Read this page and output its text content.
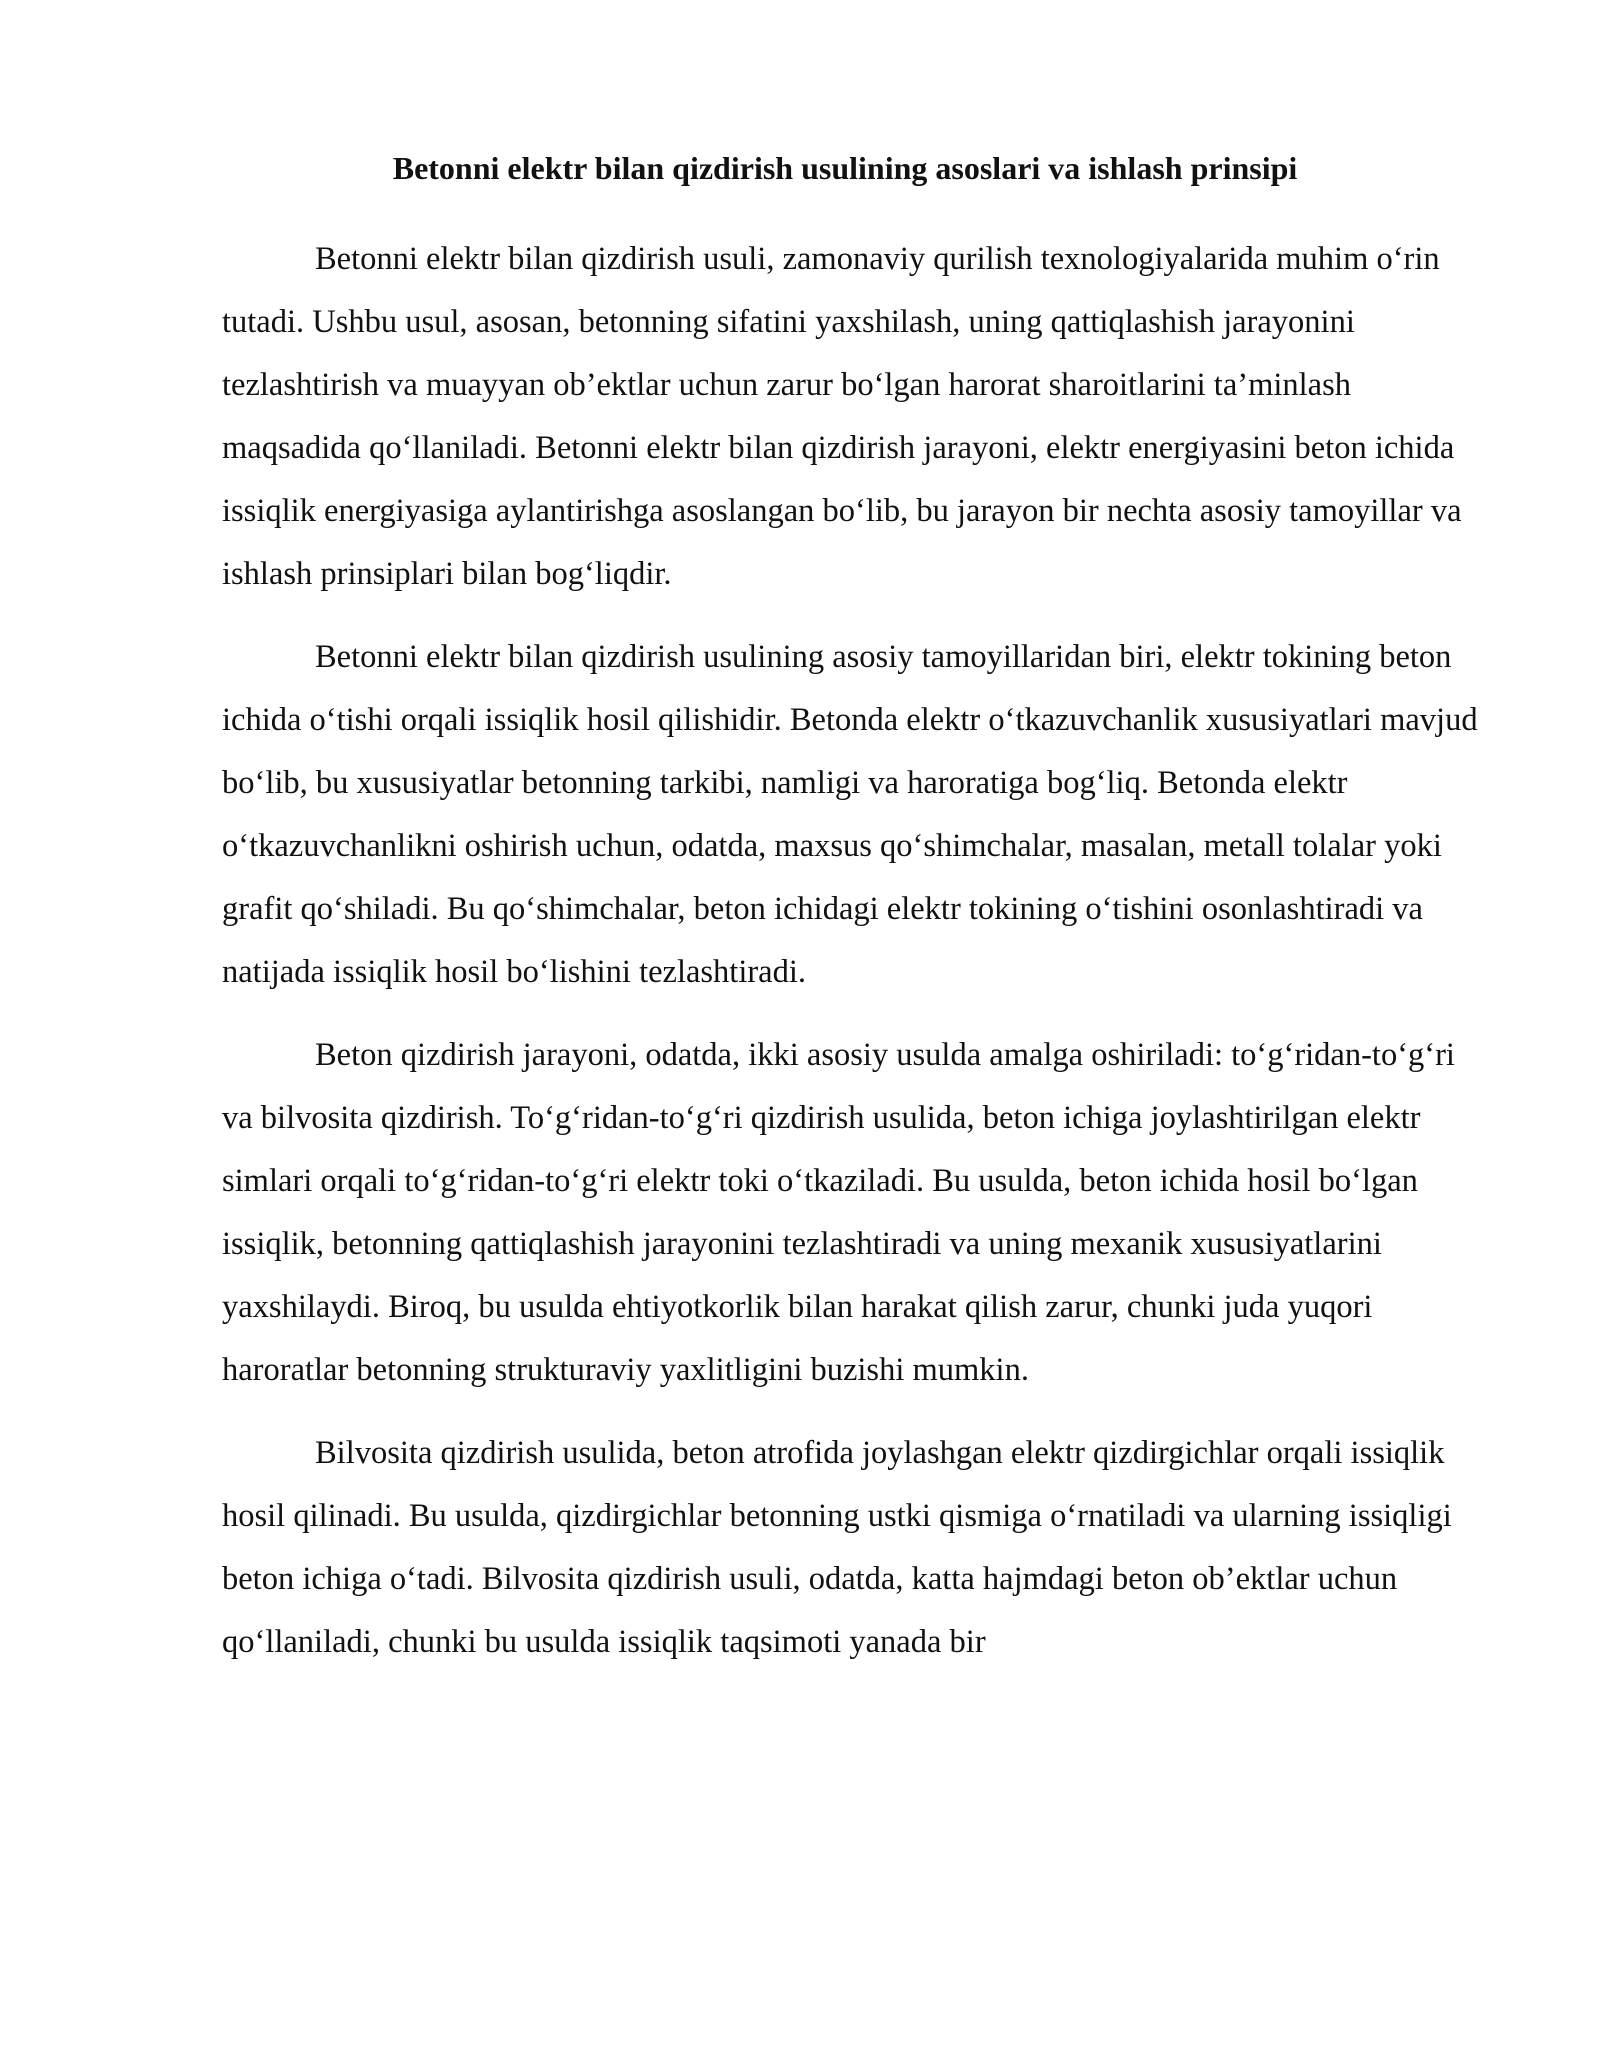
Betonni elektr bilan qizdirish usulining asoslari va ishlash prinsipi

Betonni elektr bilan qizdirish usuli, zamonaviy qurilish texnologiyalarida muhim o‘rin tutadi. Ushbu usul, asosan, betonning sifatini yaxshilash, uning qattiqlashish jarayonini tezlashtirish va muayyan ob’ektlar uchun zarur bo‘lgan harorat sharoitlarini ta’minlash maqsadida qo‘llaniladi. Betonni elektr bilan qizdirish jarayoni, elektr energiyasini beton ichida issiqlik energiyasiga aylantirishga asoslangan bo‘lib, bu jarayon bir nechta asosiy tamoyillar va ishlash prinsiplari bilan bog‘liqdir.

Betonni elektr bilan qizdirish usulining asosiy tamoyillaridan biri, elektr tokining beton ichida o‘tishi orqali issiqlik hosil qilishidir. Betonda elektr o‘tkazuvchanlik xususiyatlari mavjud bo‘lib, bu xususiyatlar betonning tarkibi, namligi va haroratiga bog‘liq. Betonda elektr o‘tkazuvchanlikni oshirish uchun, odatda, maxsus qo‘shimchalar, masalan, metall tolalar yoki grafit qo‘shiladi. Bu qo‘shimchalar, beton ichidagi elektr tokining o‘tishini osonlashtiradi va natijada issiqlik hosil bo‘lishini tezlashtiradi.

Beton qizdirish jarayoni, odatda, ikki asosiy usulda amalga oshiriladi: to‘g‘ridan-to‘g‘ri va bilvosita qizdirish. To‘g‘ridan-to‘g‘ri qizdirish usulida, beton ichiga joylashtirilgan elektr simlari orqali to‘g‘ridan-to‘g‘ri elektr toki o‘tkaziladi. Bu usulda, beton ichida hosil bo‘lgan issiqlik, betonning qattiqlashish jarayonini tezlashtiradi va uning mexanik xususiyatlarini yaxshilaydi. Biroq, bu usulda ehtiyotkorlik bilan harakat qilish zarur, chunki juda yuqori haroratlar betonning strukturaviy yaxlitligini buzishi mumkin.

Bilvosita qizdirish usulida, beton atrofida joylashgan elektr qizdirgichlar orqali issiqlik hosil qilinadi. Bu usulda, qizdirgichlar betonning ustki qismiga o‘rnatiladi va ularning issiqligi beton ichiga o‘tadi. Bilvosita qizdirish usuli, odatda, katta hajmdagi beton ob’ektlar uchun qo‘llaniladi, chunki bu usulda issiqlik taqsimoti yanada bir
